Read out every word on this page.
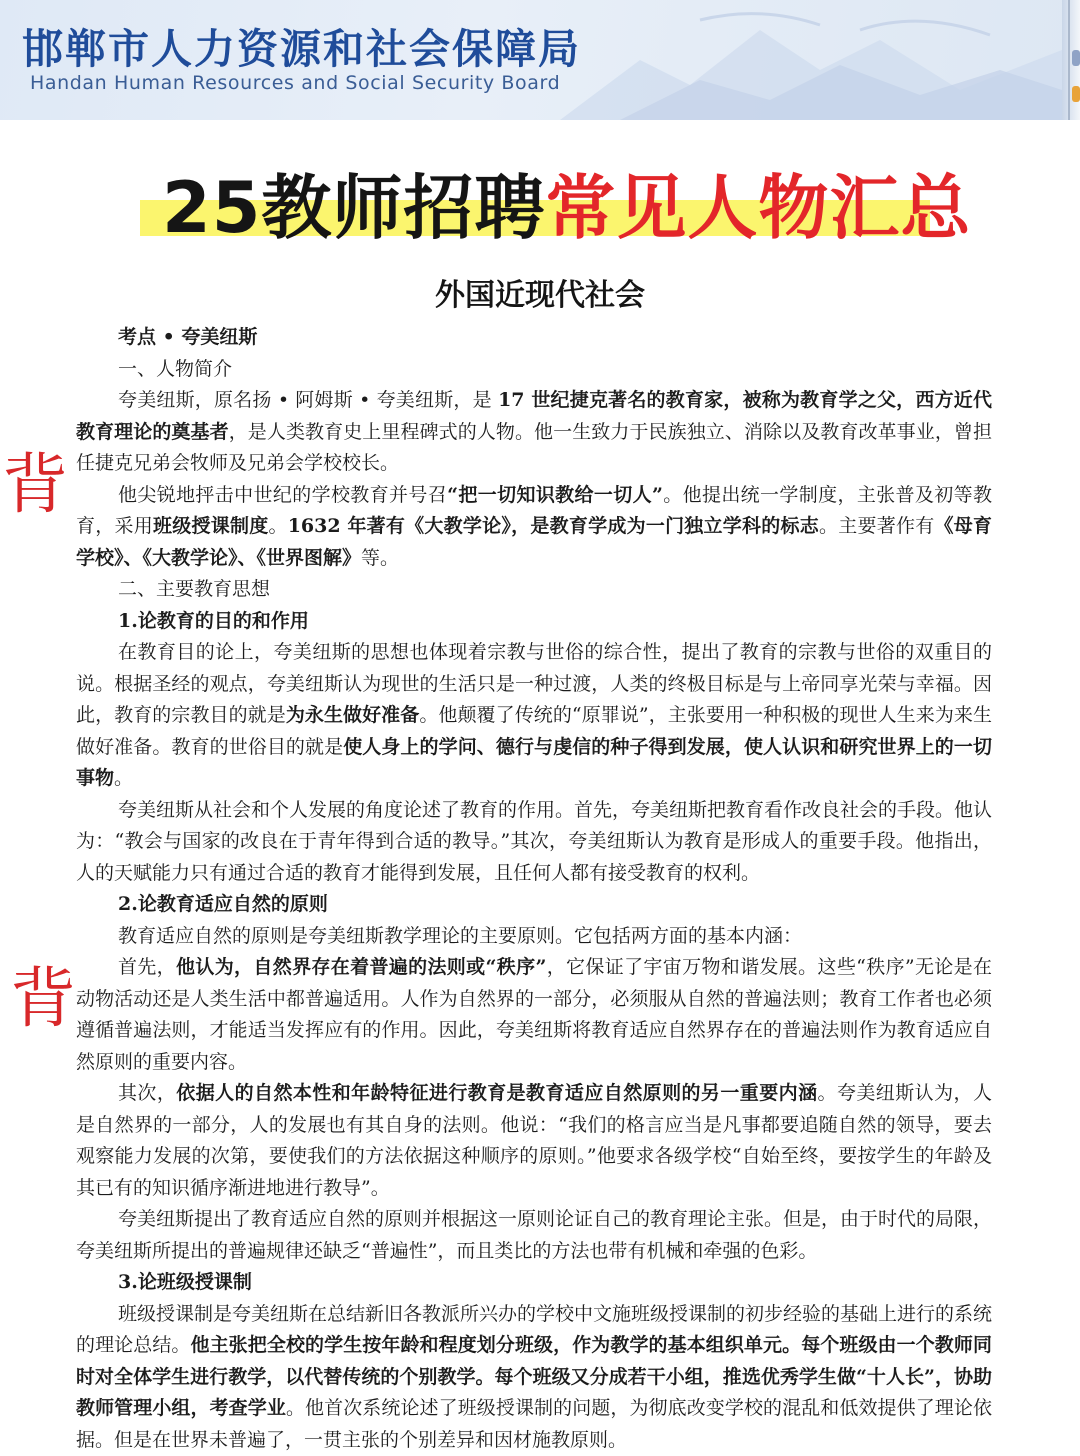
邯郸市人力资源和社会保障局
Handan Human Resources and Social Security Board
25教师招聘常见人物汇总
外国近现代社会
背
背

考点 • 夸美纽斯

一、人物简介

夸美纽斯，原名扬 • 阿姆斯 • 夸美纽斯，是 17 世纪捷克著名的教育家，被称为教育学之父，西方近代教育理论的奠基者，是人类教育史上里程碑式的人物。他一生致力于民族独立、消除以及教育改革事业，曾担任捷克兄弟会牧师及兄弟会学校校长。

他尖锐地抨击中世纪的学校教育并号召“把一切知识教给一切人”。他提出统一学制度，主张普及初等教育，采用班级授课制度。1632 年著有《大教学论》，是教育学成为一门独立学科的标志。主要著作有《母育学校》、《大教学论》、《世界图解》等。

二、主要教育思想

1.论教育的目的和作用

在教育目的论上，夸美纽斯的思想也体现着宗教与世俗的综合性，提出了教育的宗教与世俗的双重目的说。根据圣经的观点，夸美纽斯认为现世的生活只是一种过渡，人类的终极目标是与上帝同享光荣与幸福。因此，教育的宗教目的就是为永生做好准备。他颠覆了传统的“原罪说”，主张要用一种积极的现世人生来为来生做好准备。教育的世俗目的就是使人身上的学问、德行与虔信的种子得到发展，使人认识和研究世界上的一切事物。

夸美纽斯从社会和个人发展的角度论述了教育的作用。首先，夸美纽斯把教育看作改良社会的手段。他认为：“教会与国家的改良在于青年得到合适的教导。”其次，夸美纽斯认为教育是形成人的重要手段。他指出，人的天赋能力只有通过合适的教育才能得到发展，且任何人都有接受教育的权利。

2.论教育适应自然的原则

教育适应自然的原则是夸美纽斯教学理论的主要原则。它包括两方面的基本内涵：

首先，他认为，自然界存在着普遍的法则或“秩序”，它保证了宇宙万物和谐发展。这些“秩序”无论是在动物活动还是人类生活中都普遍适用。人作为自然界的一部分，必须服从自然的普遍法则；教育工作者也必须遵循普遍法则，才能适当发挥应有的作用。因此，夸美纽斯将教育适应自然界存在的普遍法则作为教育适应自然原则的重要内容。

其次，依据人的自然本性和年龄特征进行教育是教育适应自然原则的另一重要内涵。夸美纽斯认为，人是自然界的一部分，人的发展也有其自身的法则。他说：“我们的格言应当是凡事都要追随自然的领导，要去观察能力发展的次第，要使我们的方法依据这种顺序的原则。”他要求各级学校“自始至终，要按学生的年龄及其已有的知识循序渐进地进行教导”。

夸美纽斯提出了教育适应自然的原则并根据这一原则论证自己的教育理论主张。但是，由于时代的局限，夸美纽斯所提出的普遍规律还缺乏“普遍性”，而且类比的方法也带有机械和牵强的色彩。

3.论班级授课制

班级授课制是夸美纽斯在总结新旧各教派所兴办的学校中文施班级授课制的初步经验的基础上进行的系统的理论总结。他主张把全校的学生按年龄和程度划分班级，作为教学的基本组织单元。每个班级由一个教师同时对全体学生进行教学，以代替传统的个别教学。每个班级又分成若干小组，推选优秀学生做“十人长”，协助教师管理小组，考查学业。他首次系统论述了班级授课制的问题，为彻底改变学校的混乱和低效提供了理论依据。但是在世界未普遍了，一贯主张的个别差异和因材施教原则。
